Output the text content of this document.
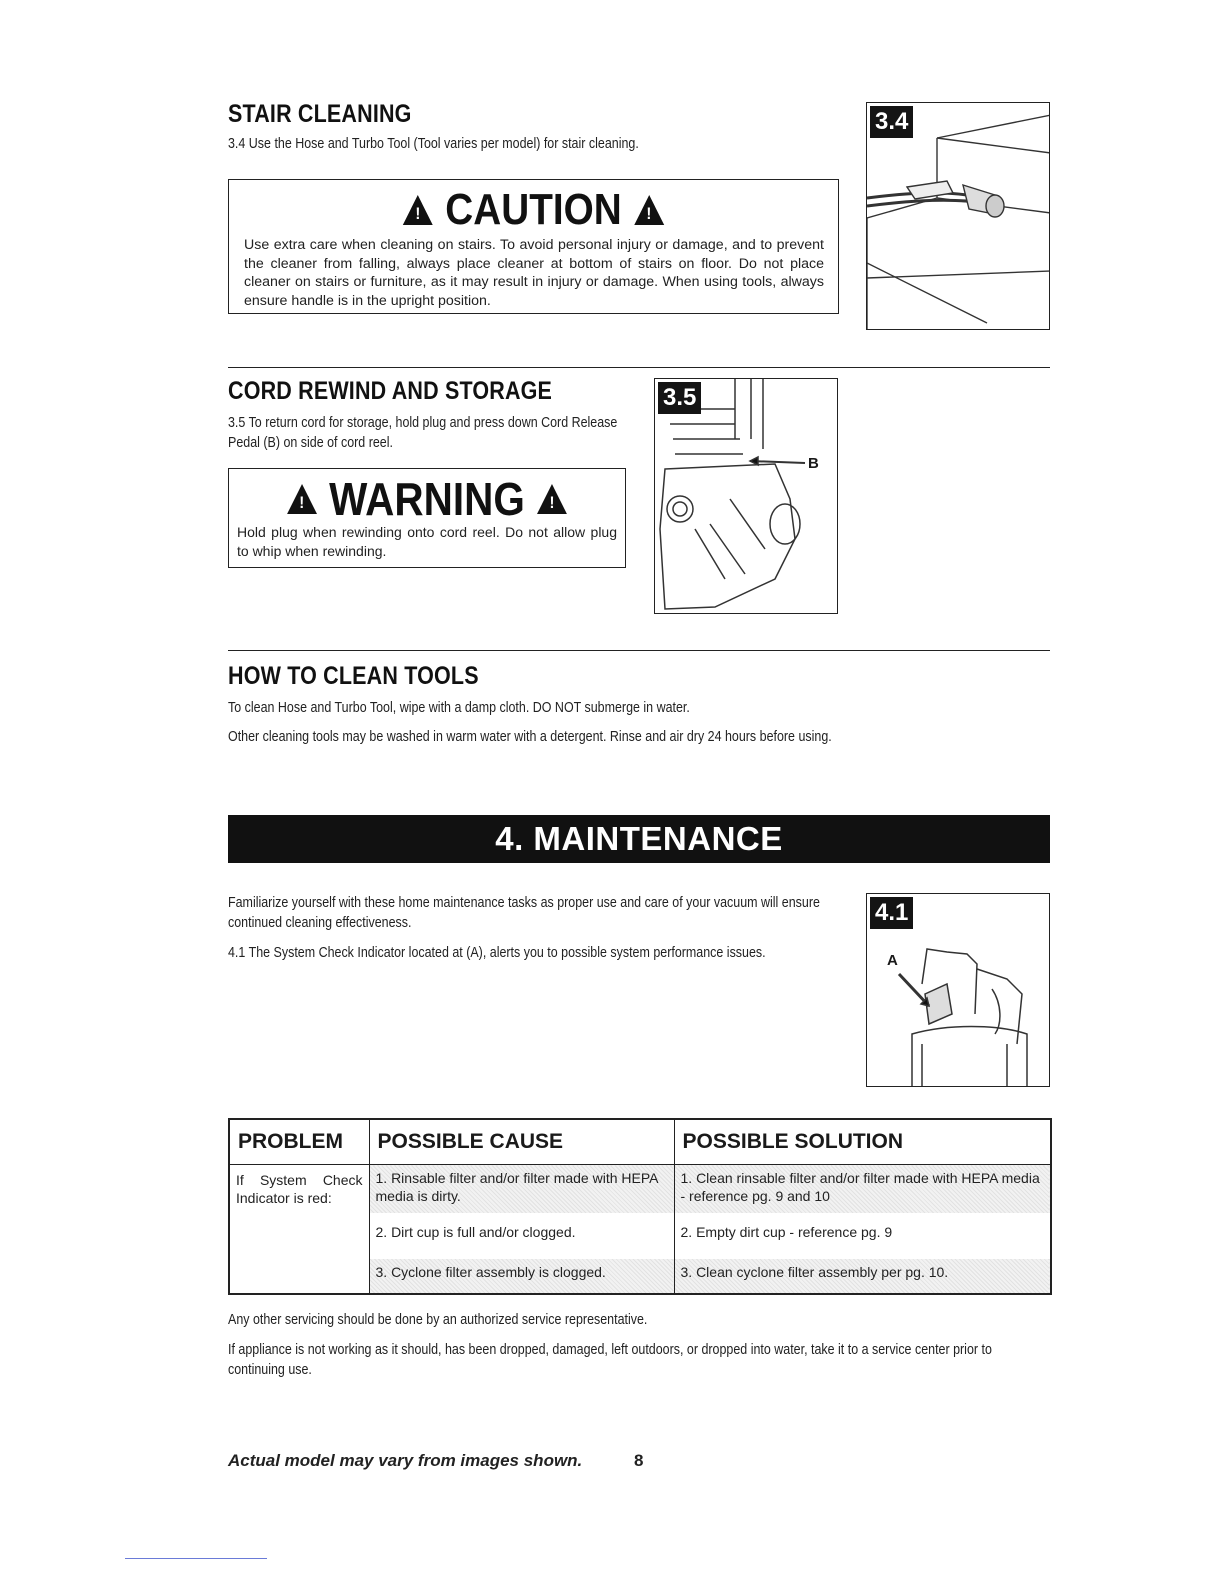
STAIR CLEANING
3.4 Use the Hose and Turbo Tool (Tool varies per model) for stair cleaning.
! CAUTION !
Use extra care when cleaning on stairs. To avoid personal injury or damage, and to prevent the cleaner from falling, always place cleaner at bottom of stairs on floor. Do not place cleaner on stairs or furniture, as it may result in injury or damage. When using tools, always ensure handle is in the upright position.
3.4
CORD REWIND AND STORAGE
3.5 To return cord for storage, hold plug and press down Cord Release Pedal (B) on side of cord reel.
! WARNING !
Hold plug when rewinding onto cord reel. Do not allow plug to whip when rewinding.
3.5
B
HOW TO CLEAN TOOLS
To clean Hose and Turbo Tool, wipe with a damp cloth. DO NOT submerge in water.
Other cleaning tools may be washed in warm water with a detergent. Rinse and air dry 24 hours before using.
4. MAINTENANCE
Familiarize yourself with these home maintenance tasks as proper use and care of your vacuum will ensure continued cleaning effectiveness.
4.1 The System Check Indicator located at (A), alerts you to possible system performance issues.
4.1
A
PROBLEM	POSSIBLE CAUSE	POSSIBLE SOLUTION
If System Check Indicator is red:	1. Rinsable filter and/or filter made with HEPA media is dirty.	1. Clean rinsable filter and/or filter made with HEPA media - reference pg. 9 and 10
	2. Dirt cup is full and/or clogged.	2. Empty dirt cup - reference pg. 9
	3. Cyclone filter assembly is clogged.	3. Clean cyclone filter assembly per pg. 10.
Any other servicing should be done by an authorized service representative.
If appliance is not working as it should, has been dropped, damaged, left outdoors, or dropped into water, take it to a service center prior to continuing use.
Actual model may vary from images shown.	8
